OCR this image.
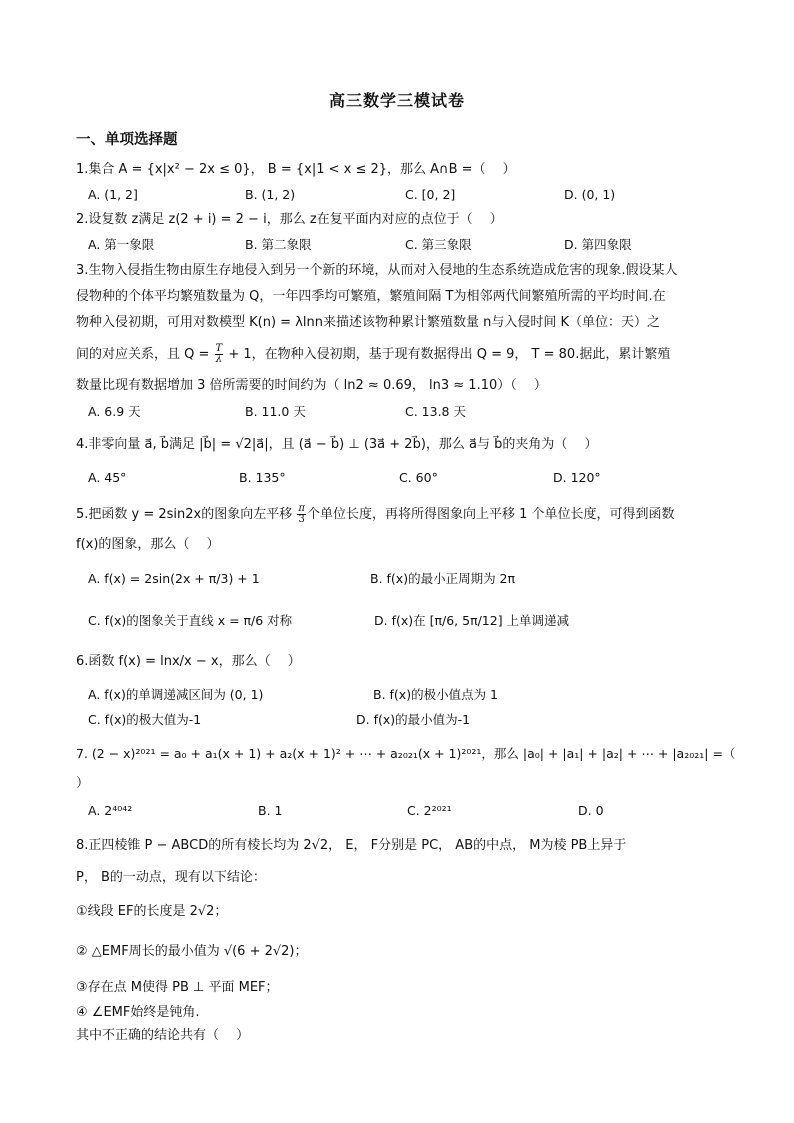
高三数学三模试卷
一、单项选择题
1.集合 A = {x|x² − 2x ≤ 0}， B = {x|1 < x ≤ 2}，那么 A∩B =（　 ）
A. (1, 2]	B. (1, 2)	C. [0, 2]	D. (0, 1)
2.设复数 z满足 z(2 + i) = 2 − i，那么 z在复平面内对应的点位于（　 ）
A. 第一象限	B. 第二象限	C. 第三象限	D. 第四象限
3.生物入侵指生物由原生存地侵入到另一个新的环境，从而对入侵地的生态系统造成危害的现象.假设某人
侵物种的个体平均繁殖数量为 Q，一年四季均可繁殖，繁殖间隔 T为相邻两代间繁殖所需的平均时间.在
物种入侵初期，可用对数模型 K(n) = λlnn来描述该物种累计繁殖数量 n与入侵时间 K（单位：天）之
间的对应关系，且 $Q = \frac{T}{\lambda} + 1$，在物种入侵初期，基于现有数据得出 Q = 9， T = 80.据此，累计繁殖
数量比现有数据增加 3 倍所需要的时间约为（ ln2 ≈ 0.69， ln3 ≈ 1.10）（　 ）
A. 6.9 天	B. 11.0 天	C. 13.8 天
4.非零向量 a⃗, b⃗满足 |b⃗| = √2|a⃗|，且 (a⃗ − b⃗) ⊥ (3a⃗ + 2b⃗)，那么 a⃗与 b⃗的夹角为（　 ）
A. 45°	B. 135°	C. 60°	D. 120°
5.把函数 y = 2sin2x的图象向左平移 $\frac{\pi}{3}$ 个单位长度，再将所得图象向上平移 1 个单位长度，可得到函数
f(x)的图象，那么（　 ）
A. f(x) = 2sin(2x + π/3) + 1	B. f(x)的最小正周期为 2π
C. f(x)的图象关于直线 x = π/6 对称	D. f(x)在 [π/6, 5π/12] 上单调递减
6.函数 f(x) = lnx/x − x，那么（　 ）
A. f(x)的单调递减区间为 (0, 1)	B. f(x)的极小值点为 1
C. f(x)的极大值为-1	D. f(x)的最小值为-1
7. (2 − x)²⁰²¹ = a₀ + a₁(x + 1) + a₂(x + 1)² + ⋯ + a₂₀₂₁(x + 1)²⁰²¹，那么 |a₀| + |a₁| + |a₂| + ⋯ + |a₂₀₂₁| =（
）
A. 2⁴⁰⁴²	B. 1	C. 2²⁰²¹	D. 0
8.正四棱锥 P − ABCD的所有棱长均为 2√2， E， F分别是 PC， AB的中点， M为棱 PB上异于
P， B的一动点，现有以下结论：
①线段 EF的长度是 2√2；
② △EMF周长的最小值为 √(6 + 2√2)；
③存在点 M使得 PB ⊥ 平面 MEF；
④ ∠EMF始终是钝角.
其中不正确的结论共有（　 ）
